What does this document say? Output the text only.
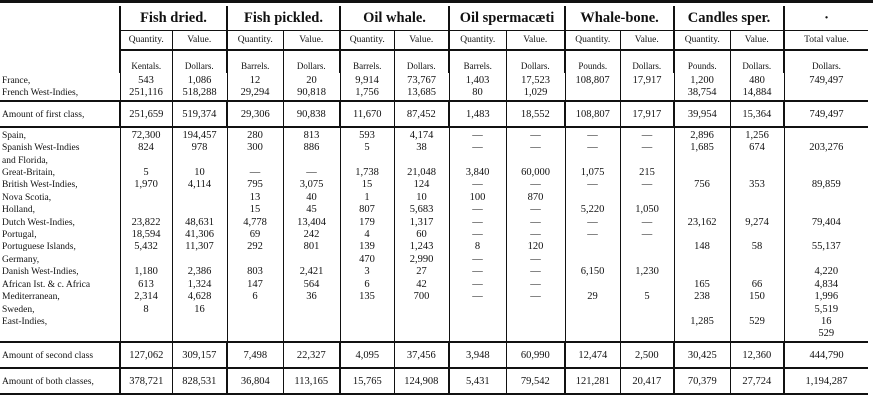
	Fish dried.		Fish pickled.		Oil whale.		Oil spermacæti		Whale-bone.		Candles sper.		·
	Quantity.	Value.	Quantity.	Value.	Quantity.	Value.	Quantity.	Value.	Quantity.	Value.	Quantity.	Value.	Total value.
	Kentals.	Dollars.	Barrels.	Dollars.	Barrels.	Dollars.	Barrels.	Dollars.	Pounds.	Dollars.	Pounds.	Dollars.	Dollars.
France,	543	1,086	12	20	9,914	73,767	1,403	17,523	108,807	17,917	1,200	480	749,497
French West-Indies,	251,116	518,288	29,294	90,818	1,756	13,685	80	1,029			38,754	14,884	
Amount of first class,	251,659	519,374	29,306	90,838	11,670	87,452	1,483	18,552	108,807	17,917	39,954	15,364	749,497
Spain,	72,300	194,457	280	813	593	4,174	—	—	—	—	2,896	1,256	
Spanish West-Indies	824	978	300	886	5	38	—	—	—	—	1,685	674	203,276
and Florida,													
Great-Britain,	5	10	—	—	1,738	21,048	3,840	60,000	1,075	215			
British West-Indies,	1,970	4,114	795	3,075	15	124	—	—	—	—	756	353	89,859
Nova Scotia,			13	40	1	10	100	870					
Holland,			15	45	807	5,683	—	—	5,220	1,050			
Dutch West-Indies,	23,822	48,631	4,778	13,404	179	1,317	—	—	—	—	23,162	9,274	79,404
Portugal,	18,594	41,306	69	242	4	60	—	—	—	—			
Portuguese Islands,	5,432	11,307	292	801	139	1,243	8	120			148	58	55,137
Germany,					470	2,990	—	—					
Danish West-Indies,	1,180	2,386	803	2,421	3	27	—	—	6,150	1,230			4,220
African Ist. & c. Africa	613	1,324	147	564	6	42	—	—			165	66	4,834
Mediterranean,	2,314	4,628	6	36	135	700	—	—	29	5	238	150	1,996
Sweden,	8	16											5,519
East-Indies,											1,285	529	16
													529
Amount of second class	127,062	309,157	7,498	22,327	4,095	37,456	3,948	60,990	12,474	2,500	30,425	12,360	444,790
Amount of both classes,	378,721	828,531	36,804	113,165	15,765	124,908	5,431	79,542	121,281	20,417	70,379	27,724	1,194,287
